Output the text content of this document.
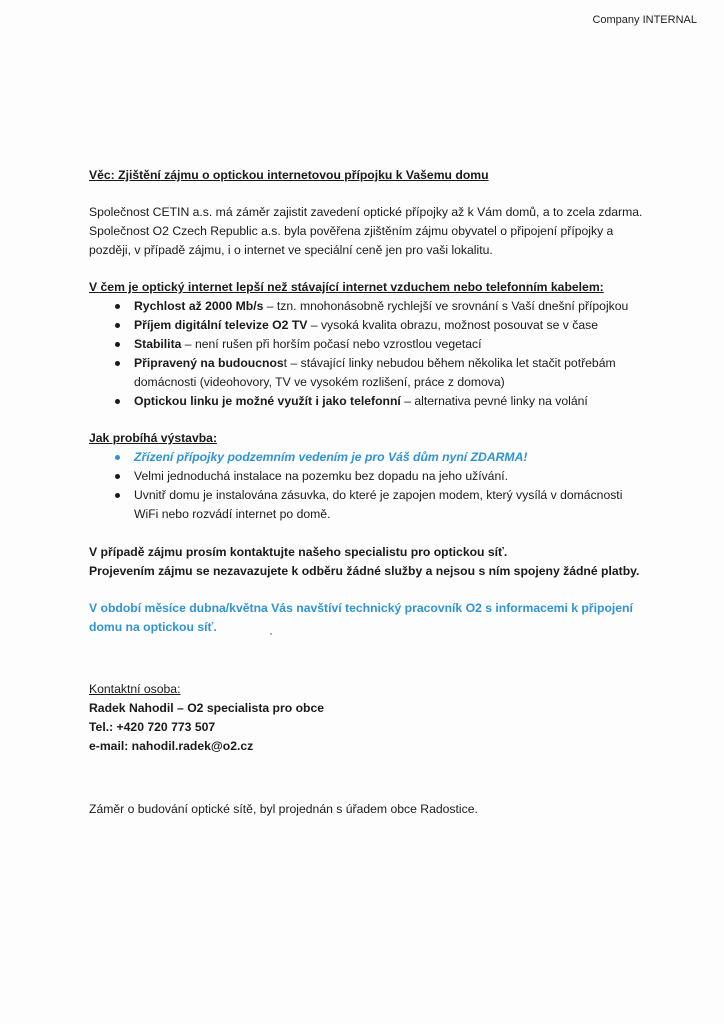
Company INTERNAL

Věc: Zjištění zájmu o optickou internetovou přípojku k Vašemu domu

Společnost CETIN a.s. má záměr zajistit zavedení optické přípojky až k Vám domů, a to zcela zdarma.
Společnost O2 Czech Republic a.s. byla pověřena zjištěním zájmu obyvatel o připojení přípojky a
později, v případě zájmu, i o internet ve speciální ceně jen pro vaši lokalitu.

V čem je optický internet lepší než stávající internet vzduchem nebo telefonním kabelem:

Rychlost až 2000 Mb/s – tzn. mnohonásobně rychlejší ve srovnání s Vaší dnešní přípojkou
Příjem digitální televize O2 TV – vysoká kvalita obrazu, možnost posouvat se v čase
Stabilita – není rušen při horším počasí nebo vzrostlou vegetací
Připravený na budoucnost – stávající linky nebudou během několika let stačit potřebám
domácnosti (videohovory, TV ve vysokém rozlišení, práce z domova)
Optickou linku je možné využít i jako telefonní – alternativa pevné linky na volání

Jak probíhá výstavba:

Zřízení přípojky podzemním vedením je pro Váš dům nyní ZDARMA!
Velmi jednoduchá instalace na pozemku bez dopadu na jeho užívání.
Uvnitř domu je instalována zásuvka, do které je zapojen modem, který vysílá v domácnosti
WiFi nebo rozvádí internet po domě.
V případě zájmu prosím kontaktujte našeho specialistu pro optickou síť.
Projevením zájmu se nezavazujete k odběru žádné služby a nejsou s ním spojeny žádné platby.
V období měsíce dubna/května Vás navštíví technický pracovník O2 s informacemi k připojení
domu na optickou síť.

Kontaktní osoba:

Radek Nahodil – O2 specialista pro obce
Tel.: +420 720 773 507
e-mail: nahodil.radek@o2.cz

Záměr o budování optické sítě, byl projednán s úřadem obce Radostice.
